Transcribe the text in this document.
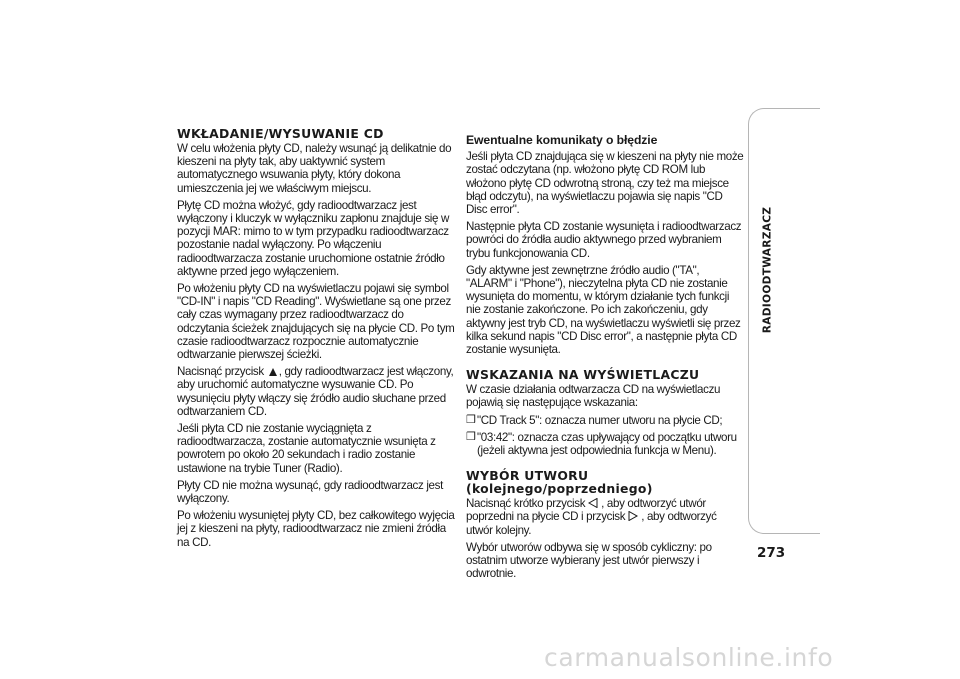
WKŁADANIE/WYSUWANIE CD

W celu włożenia płyty CD, należy wsunąć ją delikatnie do kieszeni na płyty tak, aby uaktywnić system automatycznego wsuwania płyty, który dokona umieszczenia jej we właściwym miejscu.

Płytę CD można włożyć, gdy radioodtwarzacz jest wyłączony i kluczyk w wyłączniku zapłonu znajduje się w pozycji MAR: mimo to w tym przypadku radioodtwarzacz pozostanie nadal wyłączony. Po włączeniu radioodtwarzacza zostanie uruchomione ostatnie źródło aktywne przed jego wyłączeniem.

Po włożeniu płyty CD na wyświetlaczu pojawi się symbol "CD-IN" i napis "CD Reading". Wyświetlane są one przez cały czas wymagany przez radioodtwarzacz do odczytania ścieżek znajdujących się na płycie CD. Po tym czasie radioodtwarzacz rozpocznie automatycznie odtwarzanie pierwszej ścieżki.

Nacisnąć przycisk , gdy radioodtwarzacz jest włączony, aby uruchomić automatyczne wysuwanie CD. Po wysunięciu płyty włączy się źródło audio słuchane przed odtwarzaniem CD.

Jeśli płyta CD nie zostanie wyciągnięta z radioodtwarzacza, zostanie automatycznie wsunięta z powrotem po około 20 sekundach i radio zostanie ustawione na trybie Tuner (Radio).

Płyty CD nie można wysunąć, gdy radioodtwarzacz jest wyłączony.

Po włożeniu wysuniętej płyty CD, bez całkowitego wyjęcia jej z kieszeni na płyty, radioodtwarzacz nie zmieni źródła na CD.

Ewentualne komunikaty o błędzie

Jeśli płyta CD znajdująca się w kieszeni na płyty nie może zostać odczytana (np. włożono płytę CD ROM lub włożono płytę CD odwrotną stroną, czy też ma miejsce błąd odczytu), na wyświetlaczu pojawia się napis "CD Disc error".

Następnie płyta CD zostanie wysunięta i radioodtwarzacz powróci do źródła audio aktywnego przed wybraniem trybu funkcjonowania CD.

Gdy aktywne jest zewnętrzne źródło audio ("TA", "ALARM" i "Phone"), nieczytelna płyta CD nie zostanie wysunięta do momentu, w którym działanie tych funkcji nie zostanie zakończone. Po ich zakończeniu, gdy aktywny jest tryb CD, na wyświetlaczu wyświetli się przez kilka sekund napis "CD Disc error", a następnie płyta CD zostanie wysunięta.

WSKAZANIA NA WYŚWIETLACZU

W czasie działania odtwarzacza CD na wyświetlaczu pojawią się następujące wskazania:

❒ "CD Track 5": oznacza numer utworu na płycie CD;
❒ "03:42": oznacza czas upływający od początku utworu (jeżeli aktywna jest odpowiednia funkcja w Menu).
WYBÓR UTWORU
(kolejnego/poprzedniego)

Nacisnąć krótko przycisk , aby odtworzyć utwór poprzedni na płycie CD i przycisk , aby odtworzyć utwór kolejny.

Wybór utworów odbywa się w sposób cykliczny: po ostatnim utworze wybierany jest utwór pierwszy i odwrotnie.

RADIOODTWARZACZ
273
carmanualsonline.info
